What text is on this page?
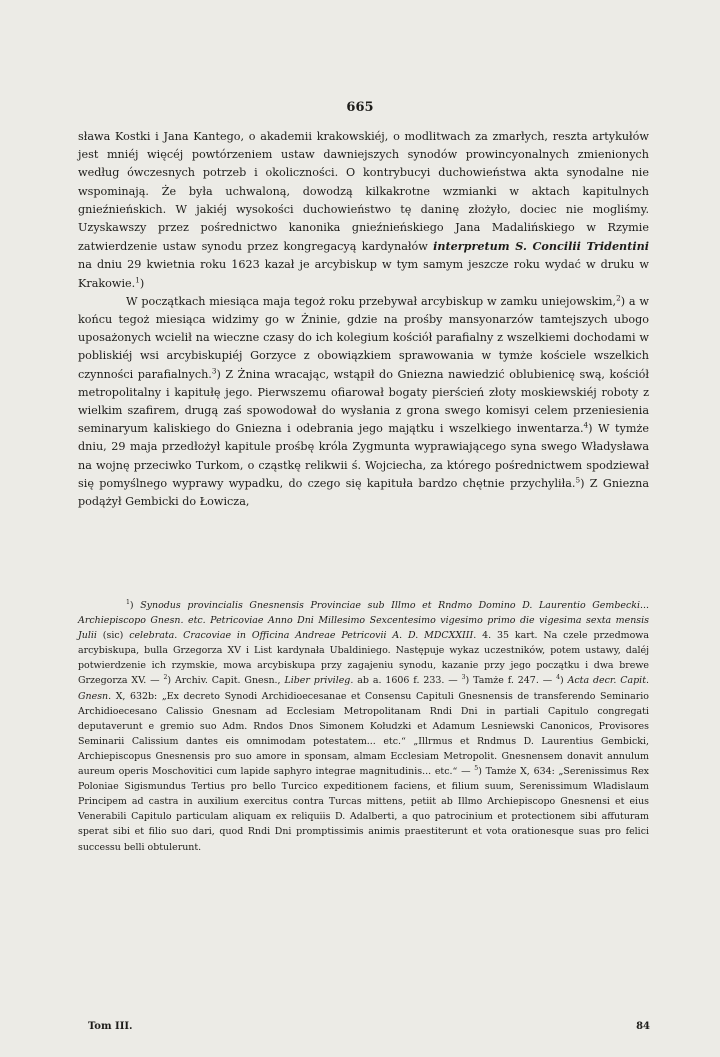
665

sława Kostki i Jana Kantego, o akademii krakowskiéj, o modlitwach za zmarłych, reszta artykułów jest mniéj więcéj powtórzeniem ustaw dawniejszych synodów prowincyonalnych zmienionych według ówczesnych potrzeb i okoliczności. O kontrybucyi duchowieństwa akta synodalne nie wspominają. Że była uchwaloną, dowodzą kilkakrotne wzmianki w aktach kapitulnych gnieźnieńskich. W jakiéj wysokości duchowieństwo tę daninę złożyło, dociec nie mogliśmy. Uzyskawszy przez pośrednictwo kanonika gnieźnieńskiego Jana Madalińskiego w Rzymie zatwierdzenie ustaw synodu przez kongregacyą kardynałów interpretum S. Concilii Tridentini na dniu 29 kwietnia roku 1623 kazał je arcybiskup w tym samym jeszcze roku wydać w druku w Krakowie.$^1$)

W początkach miesiąca maja tegoż roku przebywał arcybiskup w zamku uniejowskim,$^2$) a w końcu tegoż miesiąca widzimy go w Żninie, gdzie na prośby mansyonarzów tamtejszych ubogo uposażonych wcielił na wieczne czasy do ich kolegium kościół parafialny z wszelkiemi dochodami w pobliskiéj wsi arcybiskupiéj Gorzyce z obowiązkiem sprawowania w tymże kościele wszelkich czynności parafialnych.$^3$) Z Żnina wracając, wstąpił do Gniezna nawiedzić oblubienicę swą, kościół metropolitalny i kapitułę jego. Pierwszemu ofiarował bogaty pierścień złoty moskiewskiéj roboty z wielkim szafirem, drugą zaś spowodował do wysłania z grona swego komisyi celem przeniesienia seminaryum kaliskiego do Gniezna i odebrania jego majątku i wszelkiego inwentarza.$^4$) W tymże dniu, 29 maja przedłożył kapitule prośbę króla Zygmunta wyprawiającego syna swego Władysława na wojnę przeciwko Turkom, o cząstkę relikwii ś. Wojciecha, za którego pośrednictwem spodziewał się pomyślnego wyprawy wypadku, do czego się kapituła bardzo chętnie przychyliła.$^5$) Z Gniezna podążył Gembicki do Łowicza,

$^1$) Synodus provincialis Gnesnensis Provinciae sub Illmo et Rndmo Domino D. Laurentio Gembecki... Archiepiscopo Gnesn. etc. Petricoviae Anno Dni Millesimo Sexcentesimo vigesimo primo die vigesima sexta mensis Julii (sic) celebrata. Cracoviae in Officina Andreae Petricovii A. D. MDCXXIII. 4. 35 kart. Na czele przedmowa arcybiskupa, bulla Grzegorza XV i List kardynała Ubaldiniego. Następuje wykaz uczestników, potem ustawy, daléj potwierdzenie ich rzymskie, mowa arcybiskupa przy zagajeniu synodu, kazanie przy jego początku i dwa brewe Grzegorza XV. — $^2$) Archiv. Capit. Gnesn., Liber privileg. ab a. 1606 f. 233. — $^3$) Tamże f. 247. — $^4$) Acta decr. Capit. Gnesn. X, 632b: „Ex decreto Synodi Archidioecesanae et Consensu Capituli Gnesnensis de transferendo Seminario Archidioecesano Calissio Gnesnam ad Ecclesiam Metropolitanam Rndi Dni in partiali Capitulo congregati deputaverunt e gremio suo Adm. Rndos Dnos Simonem Kołudzki et Adamum Lesniewski Canonicos, Provisores Seminarii Calissium dantes eis omnimodam potestatem... etc.“ „Illrmus et Rndmus D. Laurentius Gembicki, Archiepiscopus Gnesnensis pro suo amore in sponsam, almam Ecclesiam Metropolit. Gnesnensem donavit annulum aureum operis Moschovitici cum lapide saphyro integrae magnitudinis... etc.“ — $^5$) Tamże X, 634: „Serenissimus Rex Poloniae Sigismundus Tertius pro bello Turcico expeditionem faciens, et filium suum, Serenissimum Wladislaum Principem ad castra in auxilium exercitus contra Turcas mittens, petiit ab Illmo Archiepiscopo Gnesnensi et eius Venerabili Capitulo particulam aliquam ex reliquiis D. Adalberti, a quo patrocinium et protectionem sibi affuturam sperat sibi et filio suo dari, quod Rndi Dni promptissimis animis praestiterunt et vota orationesque suas pro felici successu belli obtulerunt.

Tom III.	84
